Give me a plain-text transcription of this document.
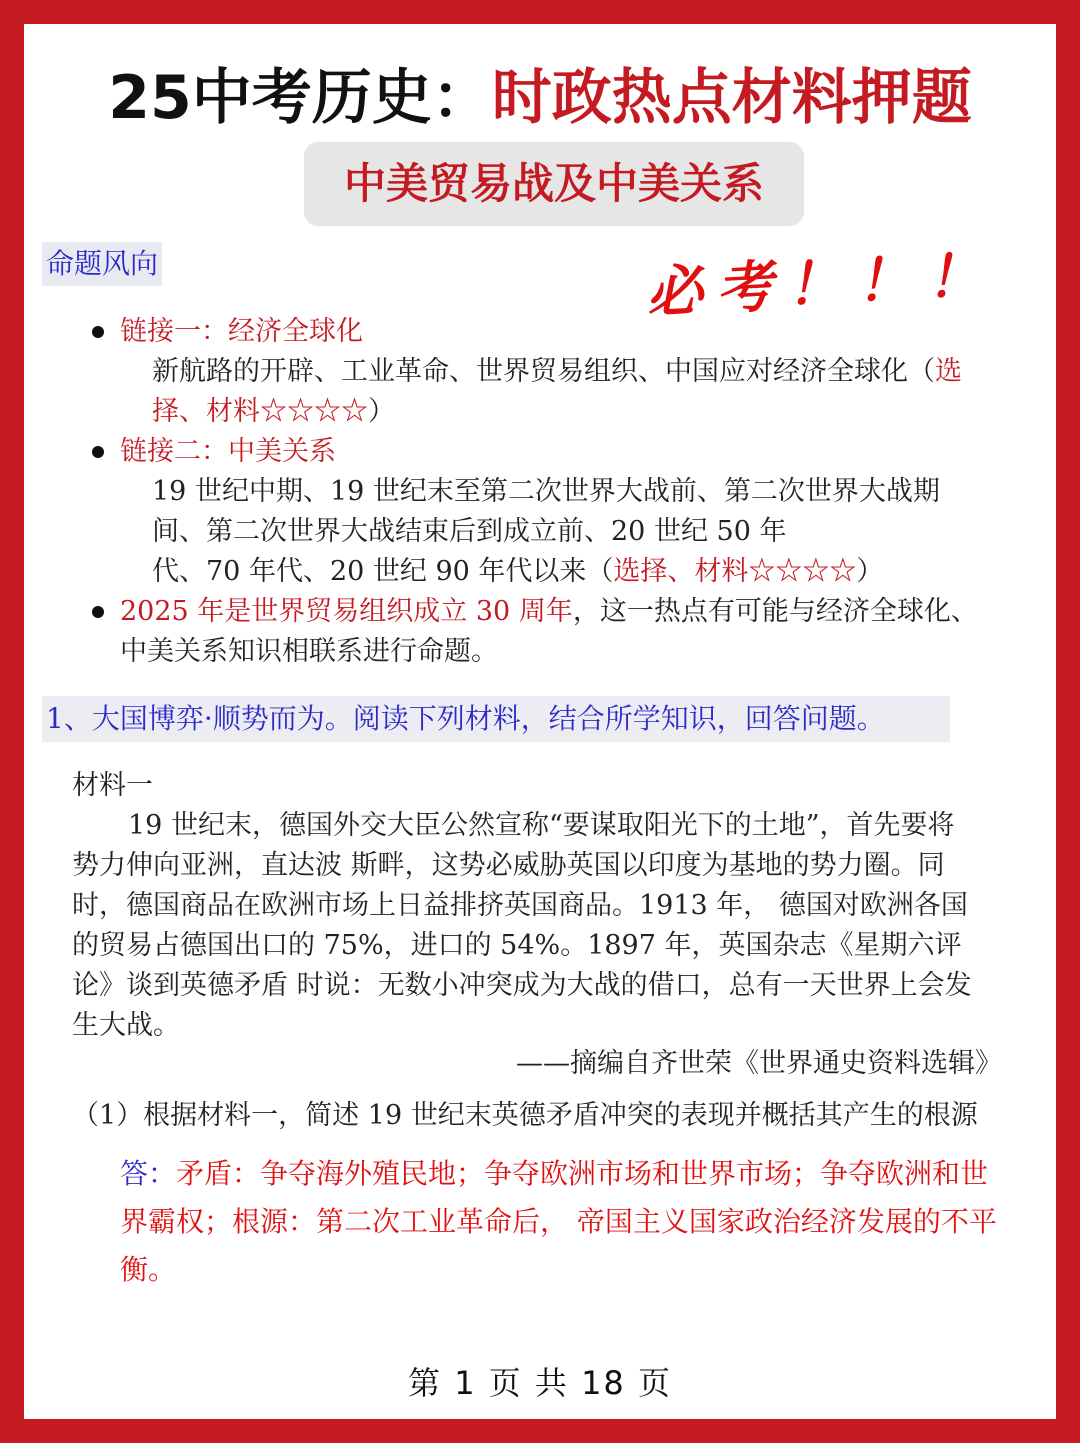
25中考历史：时政热点材料押题
中美贸易战及中美关系
命题风向	必考！！！
链接一：经济全球化
新航路的开辟、工业革命、世界贸易组织、中国应对经济全球化（选
择、材料☆☆☆☆）
链接二：中美关系
19 世纪中期、19 世纪末至第二次世界大战前、第二次世界大战期
间、第二次世界大战结束后到成立前、20 世纪 50 年
代、70 年代、20 世纪 90 年代以来（选择、材料☆☆☆☆）
2025 年是世界贸易组织成立 30 周年，这一热点有可能与经济全球化、
中美关系知识相联系进行命题。
1、大国博弈·顺势而为。阅读下列材料，结合所学知识，回答问题。
材料一
19 世纪末，德国外交大臣公然宣称“要谋取阳光下的土地”，首先要将
势力伸向亚洲，直达波 斯畔，这势必威胁英国以印度为基地的势力圈。同
时，德国商品在欧洲市场上日益排挤英国商品。1913 年， 德国对欧洲各国
的贸易占德国出口的 75%，进口的 54%。1897 年，英国杂志《星期六评
论》谈到英德矛盾 时说：无数小冲突成为大战的借口，总有一天世界上会发
生大战。
——摘编自齐世荣《世界通史资料选辑》
（1）根据材料一，简述 19 世纪末英德矛盾冲突的表现并概括其产生的根源
答：矛盾：争夺海外殖民地；争夺欧洲市场和世界市场；争夺欧洲和世
界霸权；根源：第二次工业革命后， 帝国主义国家政治经济发展的不平
衡。
第 1 页 共 18 页
